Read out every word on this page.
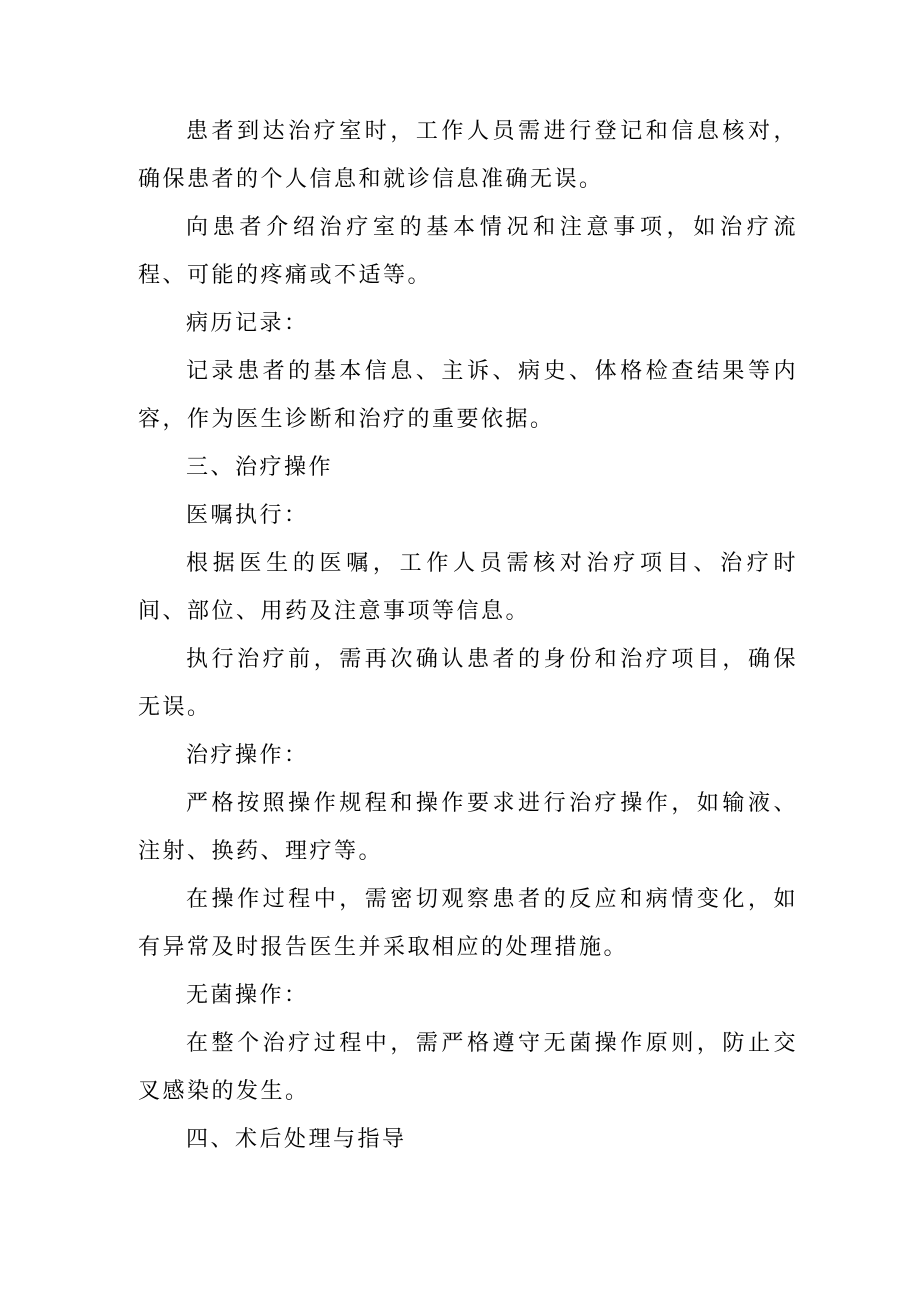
患者到达治疗室时，工作人员需进行登记和信息核对，确保患者的个人信息和就诊信息准确无误。

向患者介绍治疗室的基本情况和注意事项，如治疗流程、可能的疼痛或不适等。

病历记录：

记录患者的基本信息、主诉、病史、体格检查结果等内容，作为医生诊断和治疗的重要依据。

三、治疗操作

医嘱执行：

根据医生的医嘱，工作人员需核对治疗项目、治疗时间、部位、用药及注意事项等信息。

执行治疗前，需再次确认患者的身份和治疗项目，确保无误。

治疗操作：

严格按照操作规程和操作要求进行治疗操作，如输液、注射、换药、理疗等。

在操作过程中，需密切观察患者的反应和病情变化，如有异常及时报告医生并采取相应的处理措施。

无菌操作：

在整个治疗过程中，需严格遵守无菌操作原则，防止交叉感染的发生。

四、术后处理与指导
